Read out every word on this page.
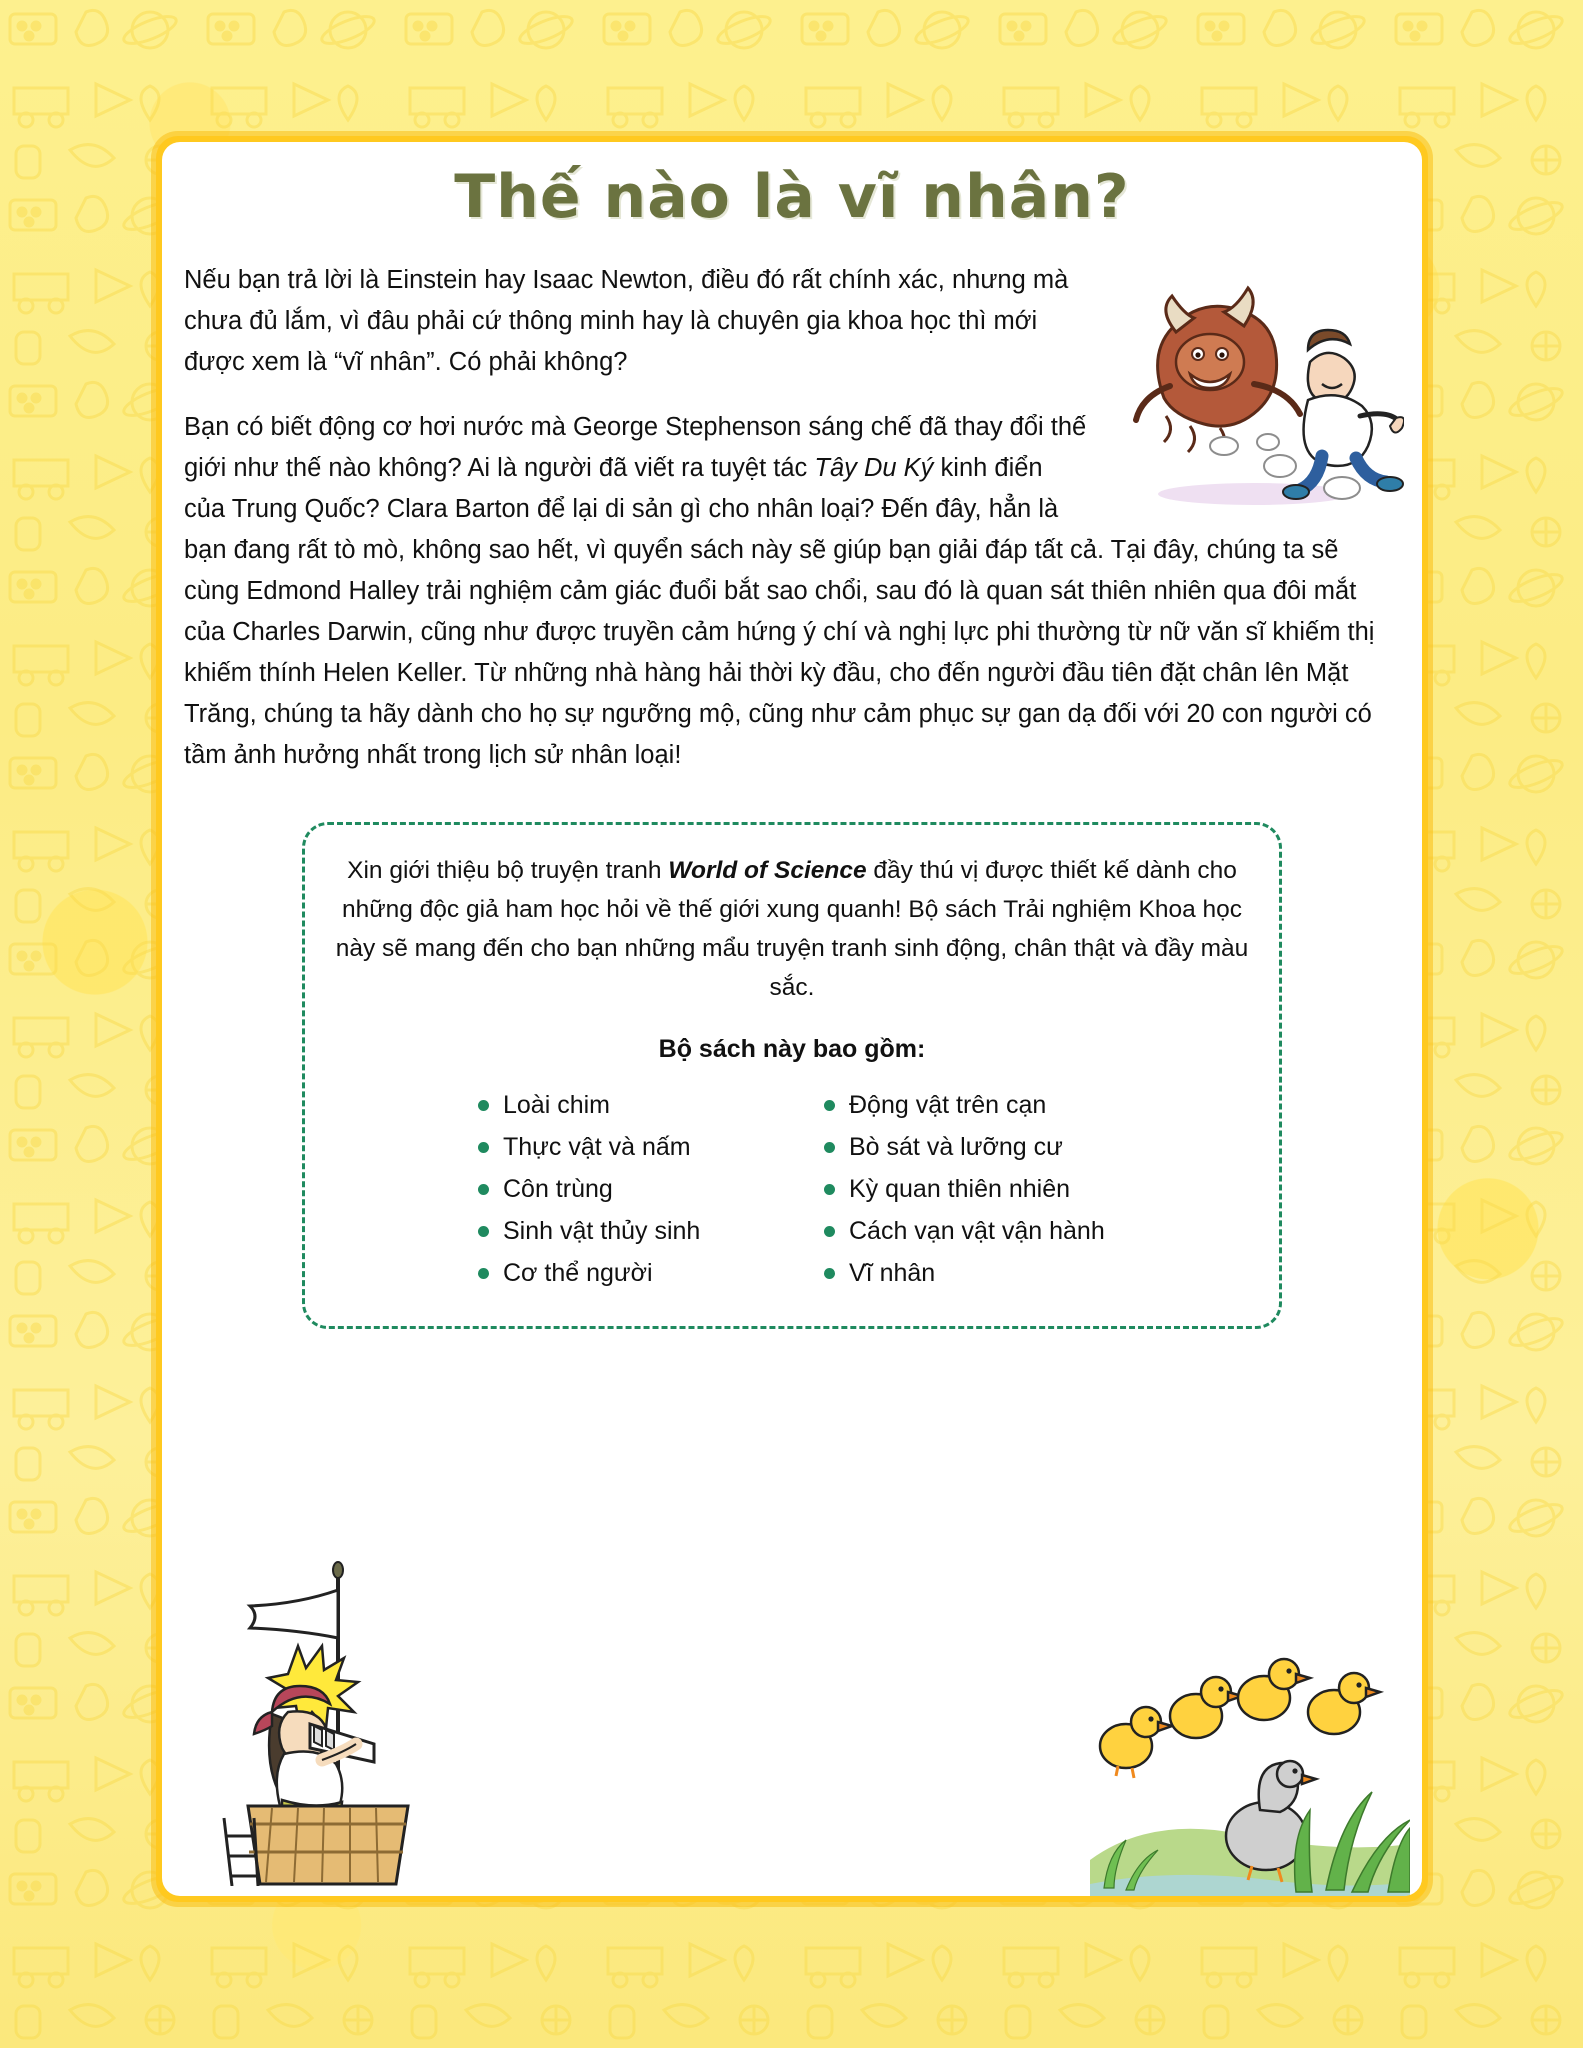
Thế nào là vĩ nhân?

Nếu bạn trả lời là Einstein hay Isaac Newton, điều đó rất chính xác, nhưng mà chưa đủ lắm, vì đâu phải cứ thông minh hay là chuyên gia khoa học thì mới được xem là “vĩ nhân”. Có phải không?

Bạn có biết động cơ hơi nước mà George Stephenson sáng chế đã thay đổi thế giới như thế nào không? Ai là người đã viết ra tuyệt tác Tây Du Ký kinh điển của Trung Quốc? Clara Barton để lại di sản gì cho nhân loại? Đến đây, hẳn là bạn đang rất tò mò, không sao hết, vì quyển sách này sẽ giúp bạn giải đáp tất cả. Tại đây, chúng ta sẽ cùng Edmond Halley trải nghiệm cảm giác đuổi bắt sao chổi, sau đó là quan sát thiên nhiên qua đôi mắt của Charles Darwin, cũng như được truyền cảm hứng ý chí và nghị lực phi thường từ nữ văn sĩ khiếm thị khiếm thính Helen Keller. Từ những nhà hàng hải thời kỳ đầu, cho đến người đầu tiên đặt chân lên Mặt Trăng, chúng ta hãy dành cho họ sự ngưỡng mộ, cũng như cảm phục sự gan dạ đối với 20 con người có tầm ảnh hưởng nhất trong lịch sử nhân loại!

Xin giới thiệu bộ truyện tranh World of Science đầy thú vị được thiết kế dành cho những độc giả ham học hỏi về thế giới xung quanh! Bộ sách Trải nghiệm Khoa học này sẽ mang đến cho bạn những mẩu truyện tranh sinh động, chân thật và đầy màu sắc.

Bộ sách này bao gồm:
Loài chim
Thực vật và nấm
Côn trùng
Sinh vật thủy sinh
Cơ thể người
Động vật trên cạn
Bò sát và lưỡng cư
Kỳ quan thiên nhiên
Cách vạn vật vận hành
Vĩ nhân
